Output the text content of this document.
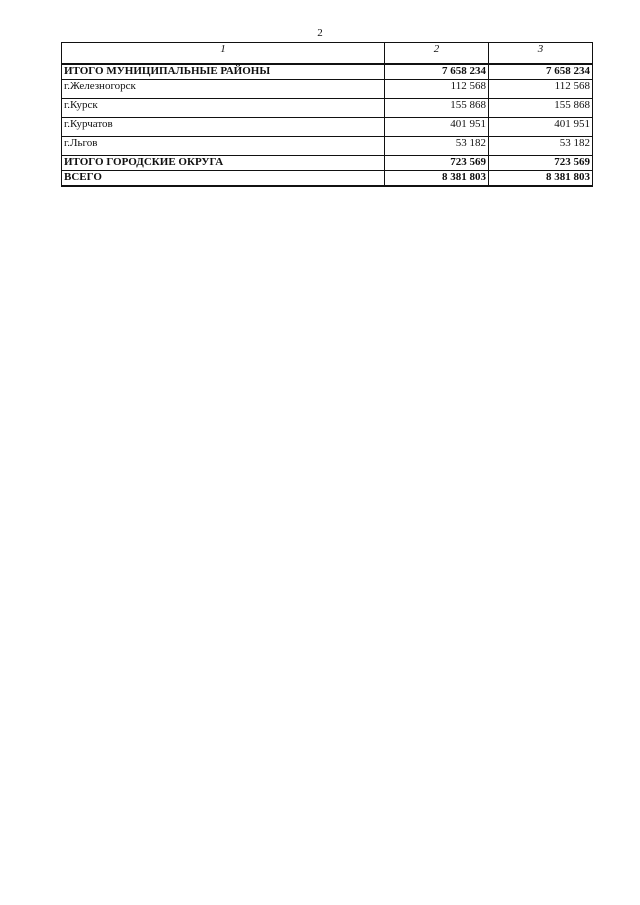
2
1	2	3
ИТОГО МУНИЦИПАЛЬНЫЕ РАЙОНЫ	7 658 234	7 658 234
г.Железногорск	112 568	112 568
г.Курск	155 868	155 868
г.Курчатов	401 951	401 951
г.Льгов	53 182	53 182
ИТОГО ГОРОДСКИЕ ОКРУГА	723 569	723 569
ВСЕГО	8 381 803	8 381 803
